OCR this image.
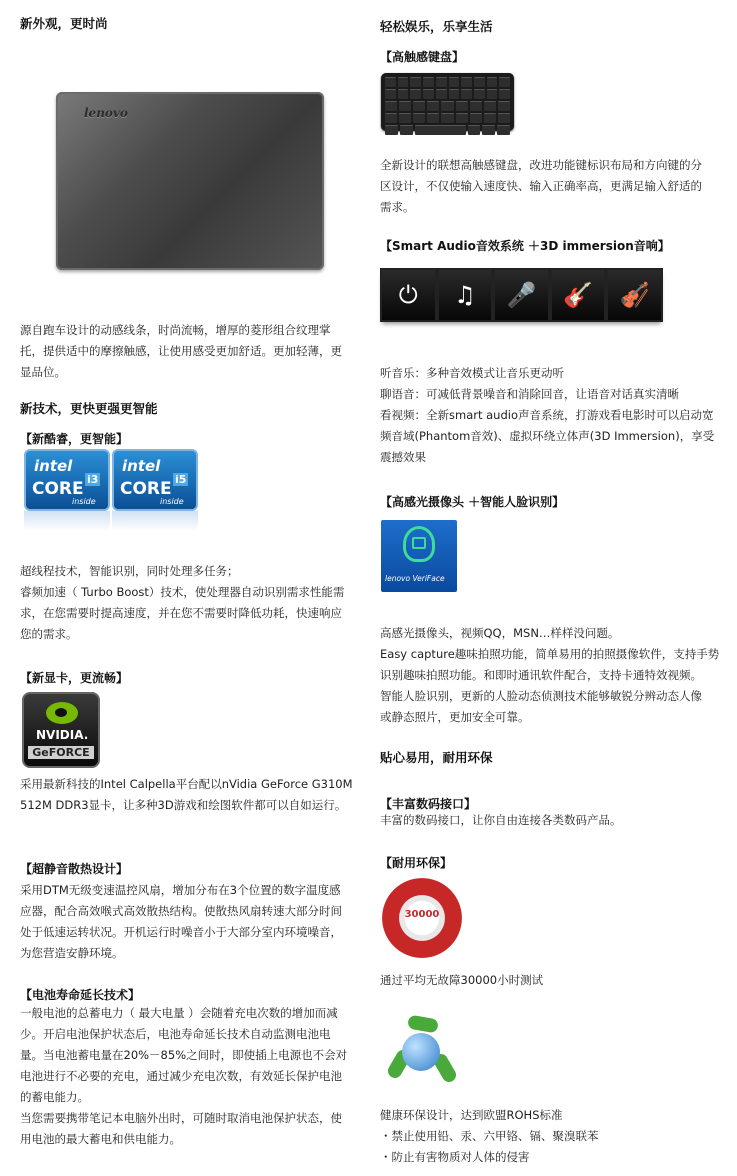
新外观，更时尚
lenovo
源自跑车设计的动感线条，时尚流畅，增厚的菱形组合纹理掌
托，提供适中的摩擦触感，让使用感受更加舒适。更加轻薄，更
显品位。
新技术，更快更强更智能
【新酷睿，更智能】
intel
CORE i3
inside
intel
CORE i5
inside
超线程技术，智能识别，同时处理多任务；
睿频加速（ Turbo Boost）技术，使处理器自动识别需求性能需
求，在您需要时提高速度，并在您不需要时降低功耗，快速响应
您的需求。
【新显卡，更流畅】
NVIDIA.
GeFORCE
采用最新科技的Intel Calpella平台配以nVidia GeForce G310M
512M DDR3显卡，让多种3D游戏和绘图软件都可以自如运行。
【超静音散热设计】
采用DTM无级变速温控风扇，增加分布在3个位置的数字温度感
应器，配合高效喉式高效散热结构。使散热风扇转速大部分时间
处于低速运转状况。开机运行时噪音小于大部分室内环境噪音，
为您营造安静环境。
【电池寿命延长技术】
一般电池的总蓄电力（ 最大电量 ）会随着充电次数的增加而减
少。开启电池保护状态后，电池寿命延长技术自动监测电池电
量。当电池蓄电量在20%－85%之间时，即使插上电源也不会对
电池进行不必要的充电，通过减少充电次数，有效延长保护电池
的蓄电能力。
当您需要携带笔记本电脑外出时，可随时取消电池保护状态，使
用电池的最大蓄电和供电能力。
轻松娱乐，乐享生活
【高触感键盘】
全新设计的联想高触感键盘，改进功能键标识布局和方向键的分
区设计，不仅使输入速度快、输入正确率高，更满足输入舒适的
需求。
【Smart Audio音效系统 ＋3D immersion音响】
⏻	♫	🎤	🎸	🎻
听音乐：多种音效模式让音乐更动听
聊语音：可减低背景噪音和消除回音，让语音对话真实清晰
看视频：全新smart audio声音系统，打游戏看电影时可以启动宽
频音域(Phantom音效)、虚拟环绕立体声(3D Immersion)，享受
震撼效果
【高感光摄像头 ＋智能人脸识别】
lenovo VeriFace
高感光摄像头，视频QQ，MSN…样样没问题。
Easy capture趣味拍照功能，简单易用的拍照摄像软件，支持手势
识别趣味拍照功能。和即时通讯软件配合，支持卡通特效视频。
智能人脸识别，更新的人脸动态侦测技术能够敏锐分辨动态人像
或静态照片，更加安全可靠。
贴心易用，耐用环保
【丰富数码接口】
丰富的数码接口，让你自由连接各类数码产品。
【耐用环保】
30000
通过平均无故障30000小时测试
健康环保设计，达到欧盟ROHS标准
・禁止使用铅、汞、六甲铬、镉、聚溴联苯
・防止有害物质对人体的侵害
